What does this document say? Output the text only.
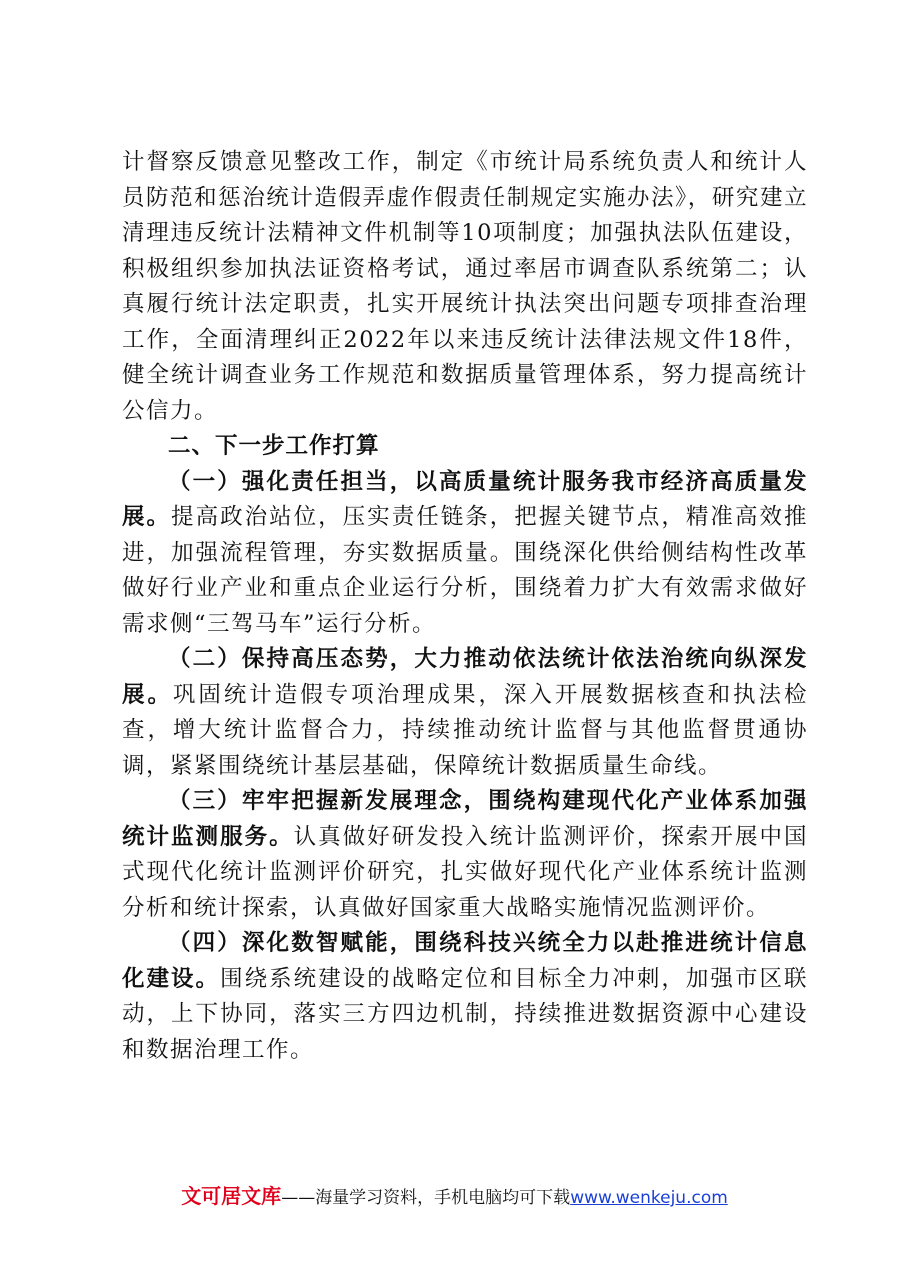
计督察反馈意见整改工作，制定《市统计局系统负责人和统计人员防范和惩治统计造假弄虚作假责任制规定实施办法》，研究建立清理违反统计法精神文件机制等10项制度；加强执法队伍建设，积极组织参加执法证资格考试，通过率居市调查队系统第二；认真履行统计法定职责，扎实开展统计执法突出问题专项排查治理工作，全面清理纠正2022年以来违反统计法律法规文件18件，健全统计调查业务工作规范和数据质量管理体系，努力提高统计公信力。

二、下一步工作打算

（一）强化责任担当，以高质量统计服务我市经济高质量发展。提高政治站位，压实责任链条，把握关键节点，精准高效推进，加强流程管理，夯实数据质量。围绕深化供给侧结构性改革做好行业产业和重点企业运行分析，围绕着力扩大有效需求做好需求侧“三驾马车”运行分析。

（二）保持高压态势，大力推动依法统计依法治统向纵深发展。巩固统计造假专项治理成果，深入开展数据核查和执法检查，增大统计监督合力，持续推动统计监督与其他监督贯通协调，紧紧围绕统计基层基础，保障统计数据质量生命线。

（三）牢牢把握新发展理念，围绕构建现代化产业体系加强统计监测服务。认真做好研发投入统计监测评价，探索开展中国式现代化统计监测评价研究，扎实做好现代化产业体系统计监测分析和统计探索，认真做好国家重大战略实施情况监测评价。

（四）深化数智赋能，围绕科技兴统全力以赴推进统计信息化建设。围绕系统建设的战略定位和目标全力冲刺，加强市区联动，上下协同，落实三方四边机制，持续推进数据资源中心建设和数据治理工作。

文可居文库——海量学习资料，手机电脑均可下载www.wenkeju.com
